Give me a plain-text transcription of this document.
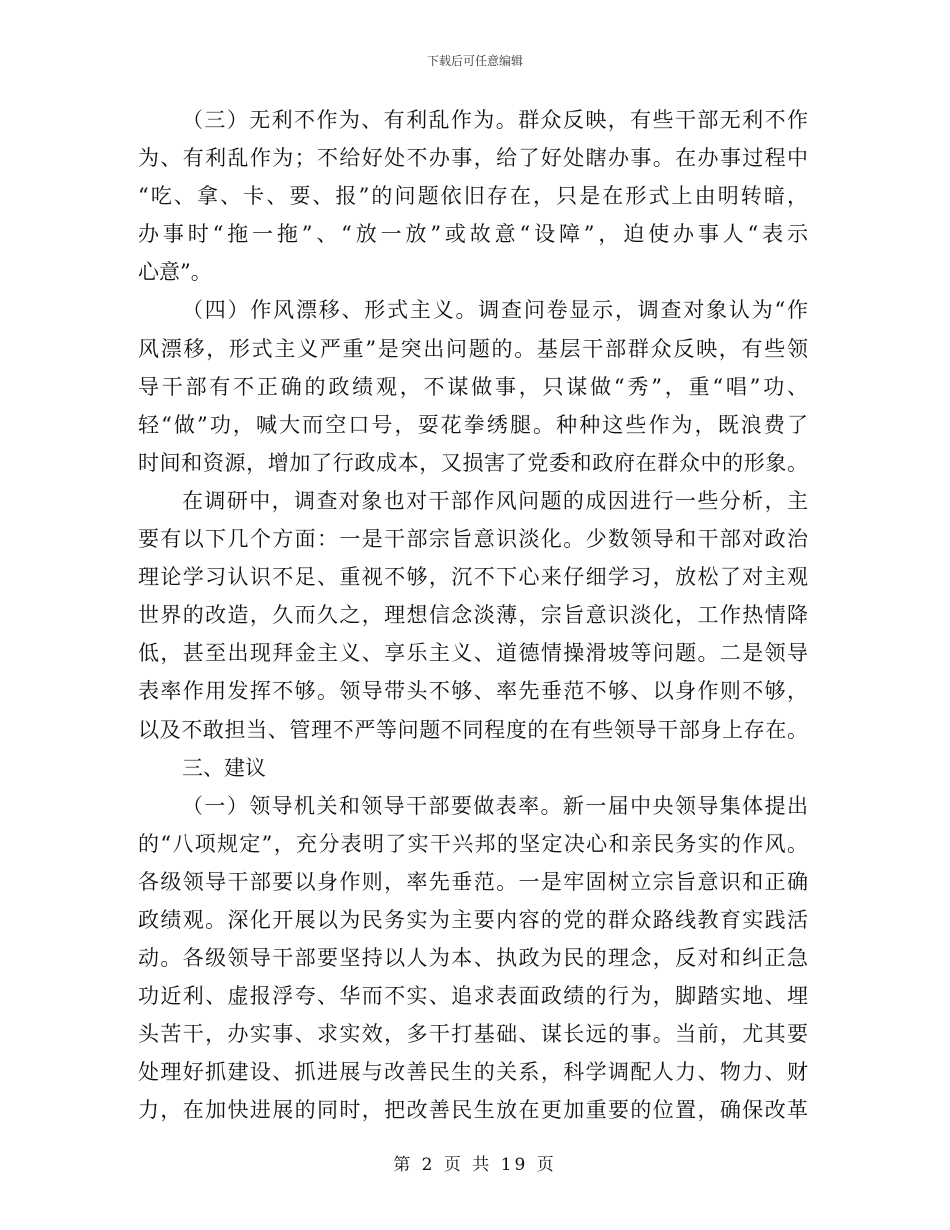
下载后可任意编辑
（三）无利不作为、有利乱作为。群众反映，有些干部无利不作
为、有利乱作为；不给好处不办事，给了好处瞎办事。在办事过程中
“吃、拿、卡、要、报”的问题依旧存在，只是在形式上由明转暗，
办事时“拖一拖”、“放一放”或故意“设障”，迫使办事人“表示
心意”。
（四）作风漂移、形式主义。调查问卷显示，调查对象认为“作
风漂移，形式主义严重”是突出问题的。基层干部群众反映，有些领
导干部有不正确的政绩观，不谋做事，只谋做“秀”，重“唱”功、
轻“做”功，喊大而空口号，耍花拳绣腿。种种这些作为，既浪费了
时间和资源，增加了行政成本，又损害了党委和政府在群众中的形象。
在调研中，调查对象也对干部作风问题的成因进行一些分析，主
要有以下几个方面：一是干部宗旨意识淡化。少数领导和干部对政治
理论学习认识不足、重视不够，沉不下心来仔细学习，放松了对主观
世界的改造，久而久之，理想信念淡薄，宗旨意识淡化，工作热情降
低，甚至出现拜金主义、享乐主义、道德情操滑坡等问题。二是领导
表率作用发挥不够。领导带头不够、率先垂范不够、以身作则不够，
以及不敢担当、管理不严等问题不同程度的在有些领导干部身上存在。
三、建议
（一）领导机关和领导干部要做表率。新一届中央领导集体提出
的“八项规定”，充分表明了实干兴邦的坚定决心和亲民务实的作风。
各级领导干部要以身作则，率先垂范。一是牢固树立宗旨意识和正确
政绩观。深化开展以为民务实为主要内容的党的群众路线教育实践活
动。各级领导干部要坚持以人为本、执政为民的理念，反对和纠正急
功近利、虚报浮夸、华而不实、追求表面政绩的行为，脚踏实地、埋
头苦干，办实事、求实效，多干打基础、谋长远的事。当前，尤其要
处理好抓建设、抓进展与改善民生的关系，科学调配人力、物力、财
力，在加快进展的同时，把改善民生放在更加重要的位置，确保改革
第 2 页 共 19 页
